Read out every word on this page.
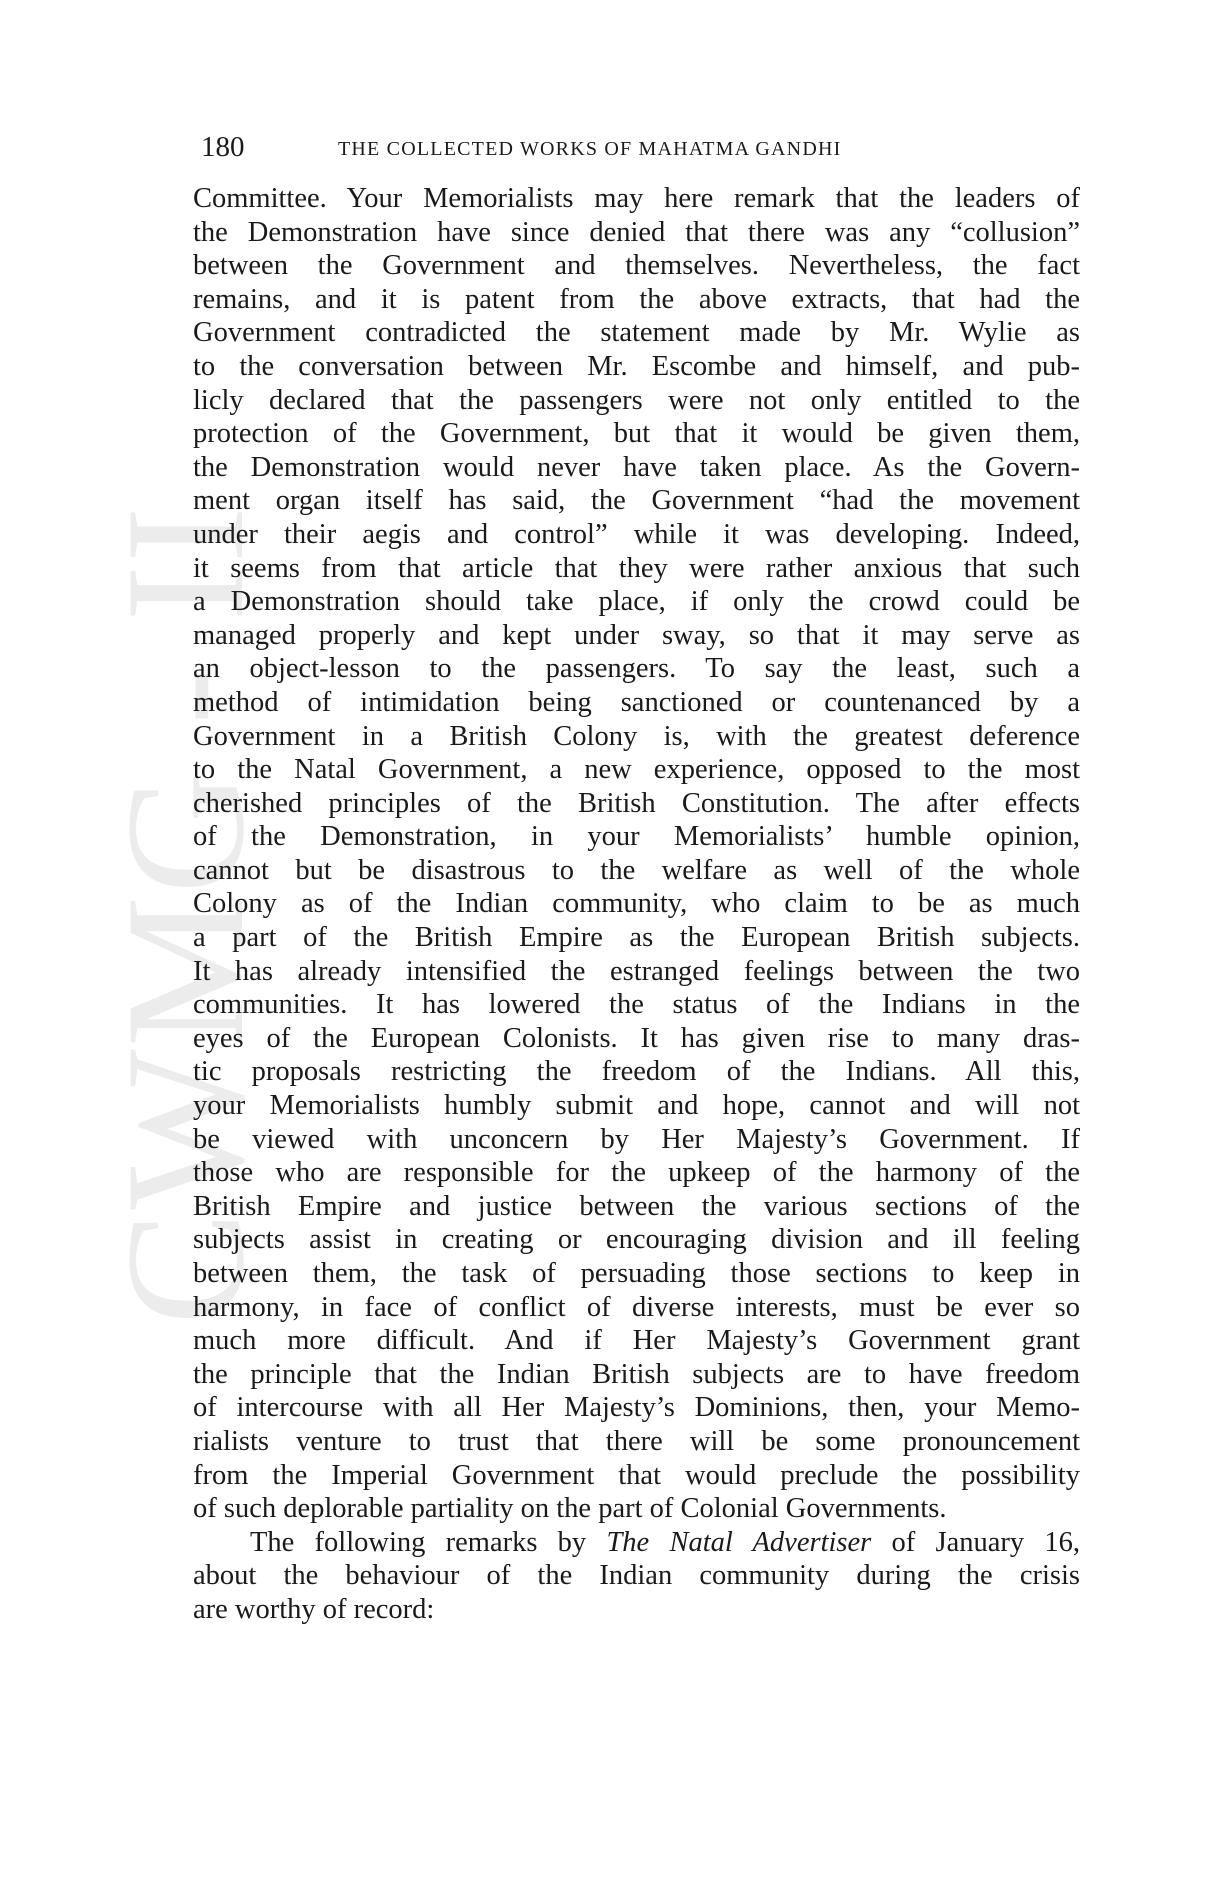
CWMG - II
180	THE COLLECTED WORKS OF MAHATMA GANDHI

Committee. Your Memorialists may here remark that the leaders of

the Demonstration have since denied that there was any “collusion”

between the Government and themselves. Nevertheless, the fact

remains, and it is patent from the above extracts, that had the

Government contradicted the statement made by Mr. Wylie as

to the conversation between Mr. Escombe and himself, and pub-

licly declared that the passengers were not only entitled to the

protection of the Government, but that it would be given them,

the Demonstration would never have taken place. As the Govern-

ment organ itself has said, the Government “had the movement

under their aegis and control” while it was developing. Indeed,

it seems from that article that they were rather anxious that such

a Demonstration should take place, if only the crowd could be

managed properly and kept under sway, so that it may serve as

an object-lesson to the passengers. To say the least, such a

method of intimidation being sanctioned or countenanced by a

Government in a British Colony is, with the greatest deference

to the Natal Government, a new experience, opposed to the most

cherished principles of the British Constitution. The after effects

of the Demonstration, in your Memorialists’ humble opinion,

cannot but be disastrous to the welfare as well of the whole

Colony as of the Indian community, who claim to be as much

a part of the British Empire as the European British subjects.

It has already intensified the estranged feelings between the two

communities. It has lowered the status of the Indians in the

eyes of the European Colonists. It has given rise to many dras-

tic proposals restricting the freedom of the Indians. All this,

your Memorialists humbly submit and hope, cannot and will not

be viewed with unconcern by Her Majesty’s Government. If

those who are responsible for the upkeep of the harmony of the

British Empire and justice between the various sections of the

subjects assist in creating or encouraging division and ill feeling

between them, the task of persuading those sections to keep in

harmony, in face of conflict of diverse interests, must be ever so

much more difficult. And if Her Majesty’s Government grant

the principle that the Indian British subjects are to have freedom

of intercourse with all Her Majesty’s Dominions, then, your Memo-

rialists venture to trust that there will be some pronouncement

from the Imperial Government that would preclude the possibility

of such deplorable partiality on the part of Colonial Governments.

The following remarks by The Natal Advertiser of January 16,

about the behaviour of the Indian community during the crisis

are worthy of record:
